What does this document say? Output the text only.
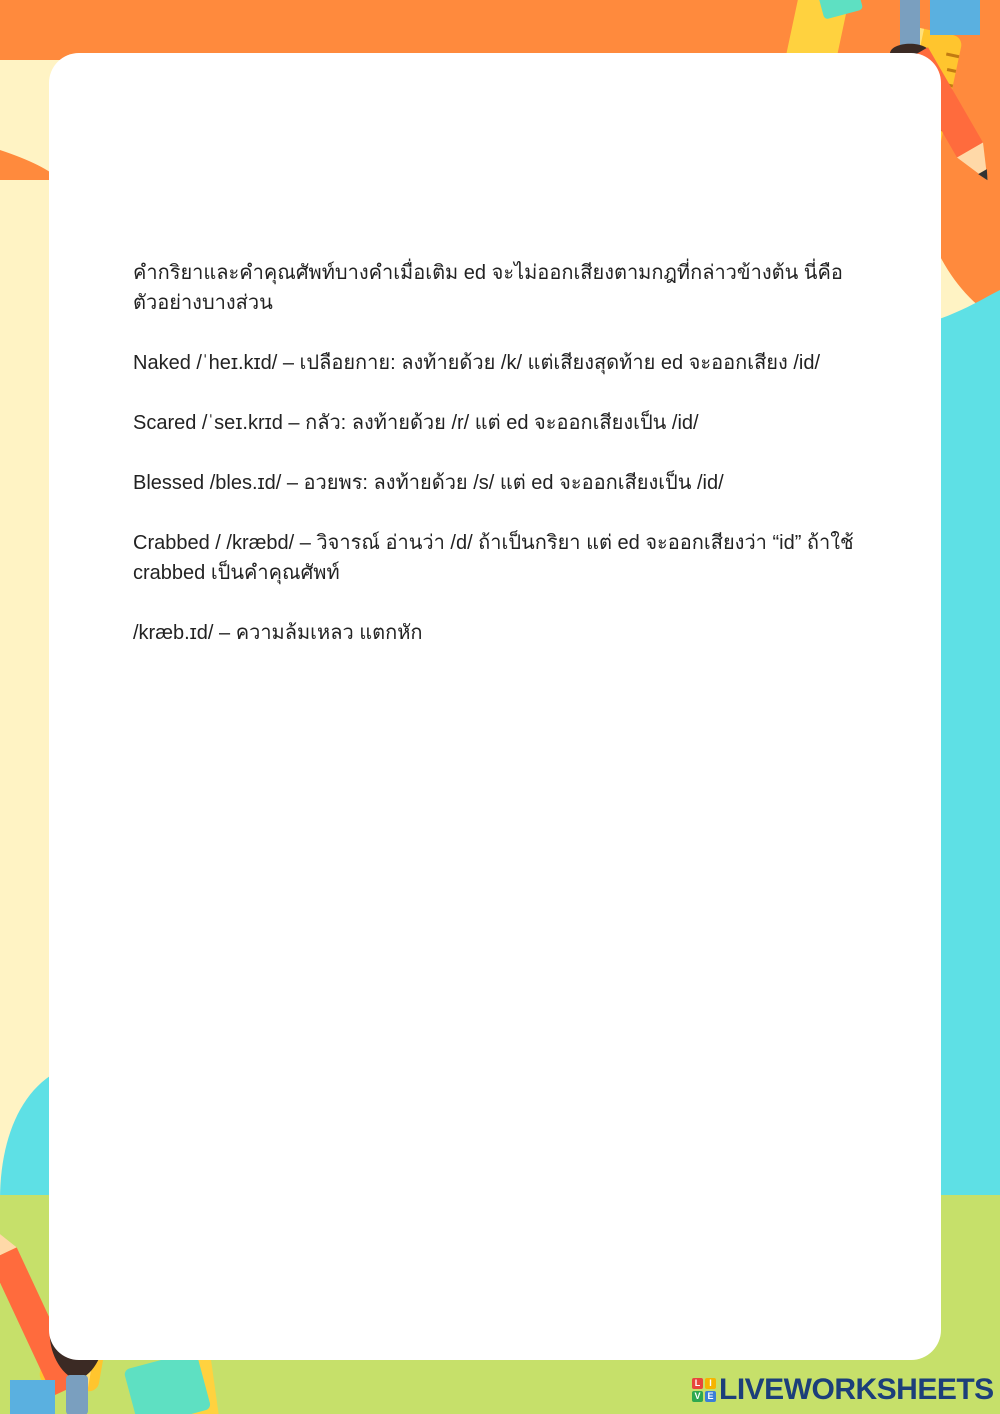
คำกริยาและคำคุณศัพท์บางคำเมื่อเติม ed จะไม่ออกเสียงตามกฎที่กล่าวข้างต้น นี่คือตัวอย่างบางส่วน

Naked /ˈheɪ.kɪd/ – เปลือยกาย: ลงท้ายด้วย /k/ แต่เสียงสุดท้าย ed จะออกเสียง /id/

Scared /ˈseɪ.krɪd – กลัว: ลงท้ายด้วย /r/ แต่ ed จะออกเสียงเป็น /id/

Blessed /bles.ɪd/ – อวยพร: ลงท้ายด้วย /s/ แต่ ed จะออกเสียงเป็น /id/

Crabbed / /kræbd/ – วิจารณ์ อ่านว่า /d/ ถ้าเป็นกริยา แต่ ed จะออกเสียงว่า “id” ถ้าใช้ crabbed เป็นคำคุณศัพท์

/kræb.ɪd/ – ความล้มเหลว แตกหัก

L I
V E LIVEWORKSHEETS
